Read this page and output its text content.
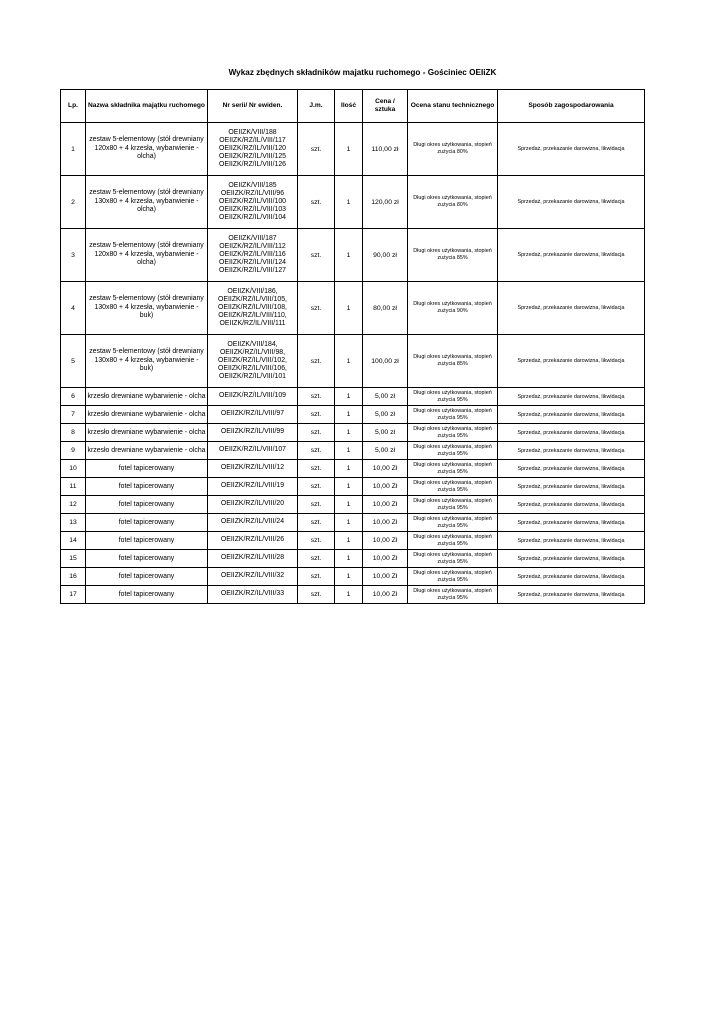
Wykaz zbędnych składników majatku ruchomego - Gościniec OEIiZK
Lp.	Nazwa składnika majątku ruchomego	Nr serii/ Nr ewiden.	J.m.	Ilość	Cena / sztuka	Ocena stanu technicznego	Sposób zagospodarowania
1	zestaw 5-elementowy (stół drewniany 120x80 + 4 krzesła, wybarwienie - olcha)	OEIIZK/VIII/188
OEIIZK/RZ/IL/VIII/117
OEIIZK/RZ/IL/VIII/120
OEIIZK/RZ/IL/VIII/125
OEIIZK/RZ/IL/VIII/126	szt.	1	110,00 zł	Długi okres użytkowania, stopień zużycia 80%	Sprzedaż, przekazanie darowizna, likwidacja
2	zestaw 5-elementowy (stół drewniany 130x80 + 4 krzesła, wybarwienie - olcha)	OEIIZK/VIII/185
OEIIZK/RZ/IL/VIII/96
OEIIZK/RZ/IL/VIII/100
OEIIZK/RZ/IL/VIII/103
OEIIZK/RZ/IL/VIII/104	szt.	1	120,00 zł	Długi okres użytkowania, stopień zużycia 80%	Sprzedaż, przekazanie darowizna, likwidacja
3	zestaw 5-elementowy (stół drewniany 120x80 + 4 krzesła, wybarwienie - olcha)	OEIIZK/VIII/187
OEIIZK/RZ/IL/VIII/112
OEIIZK/RZ/IL/VIII/116
OEIIZK/RZ/IL/VIII/124
OEIIZK/RZ/IL/VIII/127	szt.	1	90,00 zł	Długi okres użytkowania, stopień zużycia 85%	Sprzedaż, przekazanie darowizna, likwidacja
4	zestaw 5-elementowy (stół drewniany 130x80 + 4 krzesła, wybarwienie - buk)	OEIIZK/VIII/186,
OEIIZK/RZ/IL/VIII/105,
OEIIZK/RZ/IL/VIII/108,
OEIIZK/RZ/IL/VIII/110,
OEIIZK/RZ/IL/VIII/111	szt.	1	80,00 zł	Długi okres użytkowania, stopień zużycia 90%	Sprzedaż, przekazanie darowizna, likwidacja
5	zestaw 5-elementowy (stół drewniany 130x80 + 4 krzesła, wybarwienie - buk)	OEIIZK/VIII/184,
OEIIZK/RZ/IL/VIII/98,
OEIIZK/RZ/IL/VIII/102,
OEIIZK/RZ/IL/VIII/106,
OEIIZK/RZ/IL/VIII/101	szt.	1	100,00 zł	Długi okres użytkowania, stopień zużycia 85%	Sprzedaż, przekazanie darowizna, likwidacja
6	krzesło drewniane wybarwienie - olcha	OEIIZK/RZ/IL/VIII/109	szt.	1	5,00 zł	Długi okres użytkowania, stopień zużycia 95%	Sprzedaż, przekazanie darowizna, likwidacja
7	krzesło drewniane wybarwienie - olcha	OEIIZK/RZ/IL/VIII/97	szt.	1	5,00 zł	Długi okres użytkowania, stopień zużycia 95%	Sprzedaż, przekazanie darowizna, likwidacja
8	krzesło drewniane wybarwienie - olcha	OEIIZK/RZ/IL/VIII/99	szt.	1	5,00 zł	Długi okres użytkowania, stopień zużycia 95%	Sprzedaż, przekazanie darowizna, likwidacja
9	krzesło drewniane wybarwienie - olcha	OEIIZK/RZ/IL/VIII/107	szt.	1	5,00 zł	Długi okres użytkowania, stopień zużycia 95%	Sprzedaż, przekazanie darowizna, likwidacja
10	fotel tapicerowany	OEIIZK/RZ/IL/VIII/12	szt.	1	10,00 Zł	Długi okres użytkowania, stopień zużycia 95%	Sprzedaż, przekazanie darowizna, likwidacja
11	fotel tapicerowany	OEIIZK/RZ/IL/VIII/19	szt.	1	10,00 Zł	Długi okres użytkowania, stopień zużycia 95%	Sprzedaż, przekazanie darowizna, likwidacja
12	fotel tapicerowany	OEIIZK/RZ/IL/VIII/20	szt.	1	10,00 Zł	Długi okres użytkowania, stopień zużycia 95%	Sprzedaż, przekazanie darowizna, likwidacja
13	fotel tapicerowany	OEIIZK/RZ/IL/VIII/24	szt.	1	10,00 Zł	Długi okres użytkowania, stopień zużycia 95%	Sprzedaż, przekazanie darowizna, likwidacja
14	fotel tapicerowany	OEIIZK/RZ/IL/VIII/26	szt.	1	10,00 Zł	Długi okres użytkowania, stopień zużycia 95%	Sprzedaż, przekazanie darowizna, likwidacja
15	fotel tapicerowany	OEIIZK/RZ/IL/VIII/28	szt.	1	10,00 Zł	Długi okres użytkowania, stopień zużycia 95%	Sprzedaż, przekazanie darowizna, likwidacja
16	fotel tapicerowany	OEIIZK/RZ/IL/VIII/32	szt.	1	10,00 Zł	Długi okres użytkowania, stopień zużycia 95%	Sprzedaż, przekazanie darowizna, likwidacja
17	fotel tapicerowany	OEIIZK/RZ/IL/VIII/33	szt.	1	10,00 Zł	Długi okres użytkowania, stopień zużycia 95%	Sprzedaż, przekazanie darowizna, likwidacja
